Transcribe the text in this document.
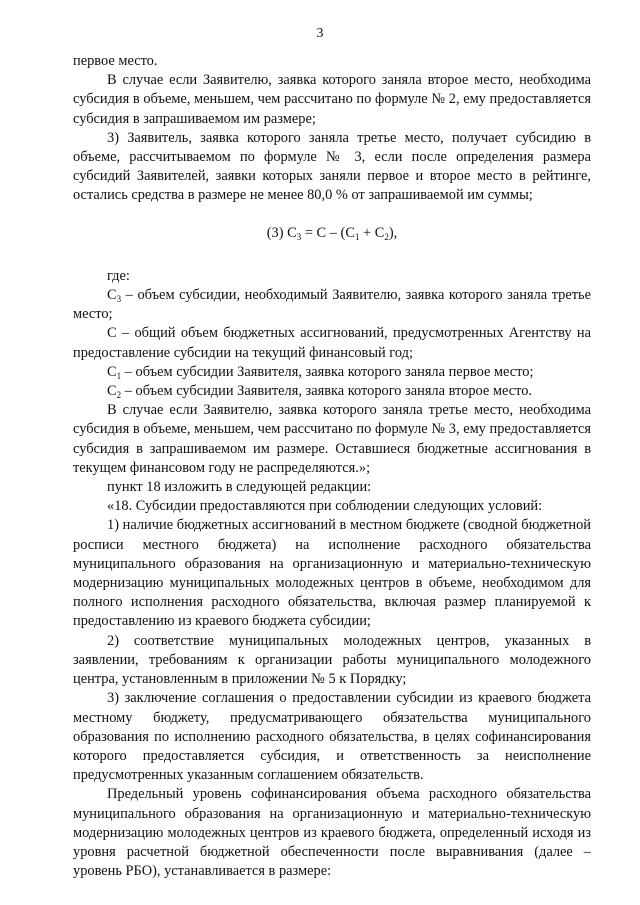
3

первое место.

В случае если Заявителю, заявка которого заняла второе место, необходима субсидия в объеме, меньшем, чем рассчитано по формуле № 2, ему предоставляется субсидия в запрашиваемом им размере;

3) Заявитель, заявка которого заняла третье место, получает субсидию в объеме, рассчитываемом по формуле № 3, если после определения размера субсидий Заявителей, заявки которых заняли первое и второе место в рейтинге, остались средства в размере не менее 80,0 % от запрашиваемой им суммы;

(3) $C_3 = C - (C_1 + C_2)$,

где:

$C_3$ – объем субсидии, необходимый Заявителю, заявка которого заняла третье место;

C – общий объем бюджетных ассигнований, предусмотренных Агентству на предоставление субсидии на текущий финансовый год;

$C_1$ – объем субсидии Заявителя, заявка которого заняла первое место;

$C_2$ – объем субсидии Заявителя, заявка которого заняла второе место.

В случае если Заявителю, заявка которого заняла третье место, необходима субсидия в объеме, меньшем, чем рассчитано по формуле № 3, ему предоставляется субсидия в запрашиваемом им размере. Оставшиеся бюджетные ассигнования в текущем финансовом году не распределяются.»;

пункт 18 изложить в следующей редакции:

«18. Субсидии предоставляются при соблюдении следующих условий:

1) наличие бюджетных ассигнований в местном бюджете (сводной бюджетной росписи местного бюджета) на исполнение расходного обязательства муниципального образования на организационную и материально-техническую модернизацию муниципальных молодежных центров в объеме, необходимом для полного исполнения расходного обязательства, включая размер планируемой к предоставлению из краевого бюджета субсидии;

2) соответствие муниципальных молодежных центров, указанных в заявлении, требованиям к организации работы муниципального молодежного центра, установленным в приложении № 5 к Порядку;

3) заключение соглашения о предоставлении субсидии из краевого бюджета местному бюджету, предусматривающего обязательства муниципального образования по исполнению расходного обязательства, в целях софинансирования которого предоставляется субсидия, и ответственность за неисполнение предусмотренных указанным соглашением обязательств.

Предельный уровень софинансирования объема расходного обязательства муниципального образования на организационную и материально-техническую модернизацию молодежных центров из краевого бюджета, определенный исходя из уровня расчетной бюджетной обеспеченности после выравнивания (далее – уровень РБО), устанавливается в размере:
